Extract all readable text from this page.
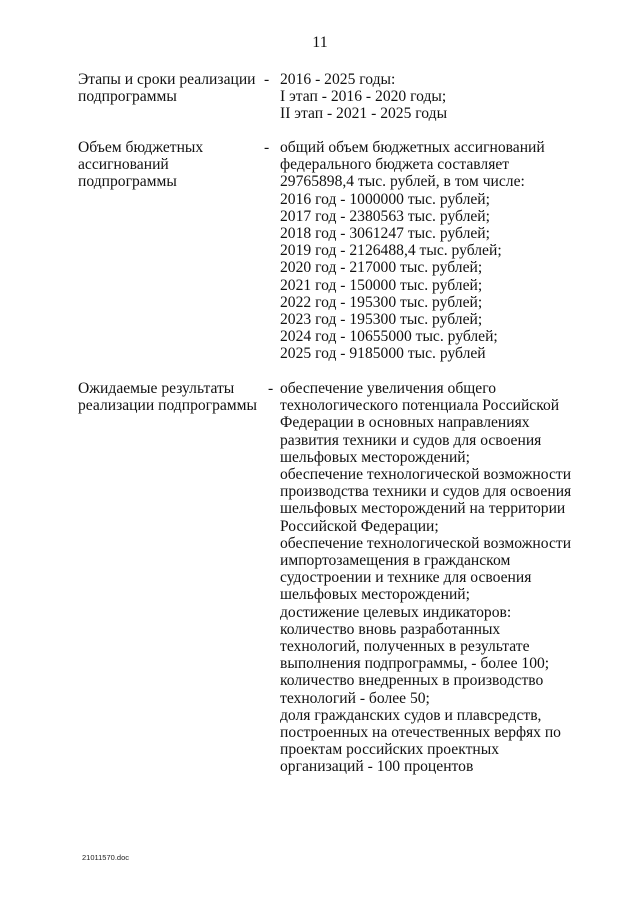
11
Этапы и сроки реализации
подпрограммы
- 2016 - 2025 годы:
I этап - 2016 - 2020 годы;
II этап - 2021 - 2025 годы
Объем бюджетных
ассигнований
подпрограммы
- общий объем бюджетных ассигнований
федерального бюджета составляет
29765898,4 тыс. рублей, в том числе:
2016 год - 1000000 тыс. рублей;
2017 год - 2380563 тыс. рублей;
2018 год - 3061247 тыс. рублей;
2019 год - 2126488,4 тыс. рублей;
2020 год - 217000 тыс. рублей;
2021 год - 150000 тыс. рублей;
2022 год - 195300 тыс. рублей;
2023 год - 195300 тыс. рублей;
2024 год - 10655000 тыс. рублей;
2025 год - 9185000 тыс. рублей
Ожидаемые результаты
реализации подпрограммы
- обеспечение увеличения общего
технологического потенциала Российской
Федерации в основных направлениях
развития техники и судов для освоения
шельфовых месторождений;
обеспечение технологической возможности
производства техники и судов для освоения
шельфовых месторождений на территории
Российской Федерации;
обеспечение технологической возможности
импортозамещения в гражданском
судостроении и технике для освоения
шельфовых месторождений;
достижение целевых индикаторов:
количество вновь разработанных
технологий, полученных в результате
выполнения подпрограммы, - более 100;
количество внедренных в производство
технологий - более 50;
доля гражданских судов и плавсредств,
построенных на отечественных верфях по
проектам российских проектных
организаций - 100 процентов
21011570.doc
